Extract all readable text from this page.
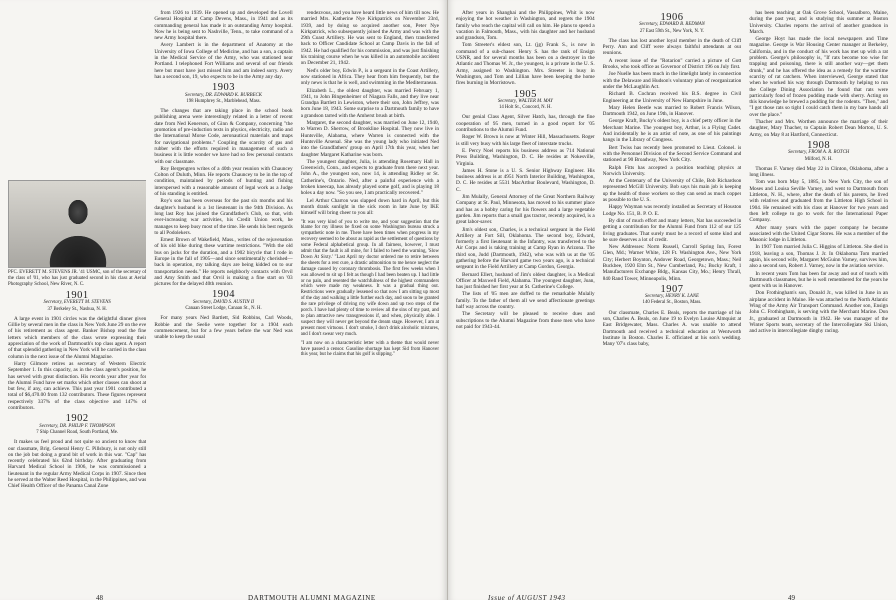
PFC. EVERETT M. STEVENS JR. '41 USMC, son of the secretary of the class of '01, who has just graduated second in his class at Aerial Photography School, New River, N. C.
1901
Secretary, EVERETT M. STEVENS
37 Berkeley St., Nashua, N. H.

A large event in 1901 circles was the delightful dinner given Gillie by several men in the class in New York June 29 on the eve of his retirement as class agent. Banker Bishop read the fine letters which members of the class wrote expressing their appreciation of the work of Dartmouth's top class agent. A report of that splendid gathering in New York will be carried in the class column in the next issue of the Alumni Magazine.

Harry Gilmore retires as secretary of Western Electric September 1. In this capacity, as in the class agent's position, he has served with great distinction. His records year after year for the Alumni Fund have set marks which other classes can shoot at but few, if any, can achieve. This past year 1901 contributed a total of $6,470.00 from 132 contributors. These figures represent respectively 337% of the class objective and 147% of contributors.

1902
Secretary, DR. PHILIP F. THOMPSON
7 Ship Channel Road, South Portland, Me.

It makes us feel proud and not quite so ancient to know that our classmate, Brig. General Henry C. Pillsbury, is not only still on the job but doing a grand bit of work in this war. "Cap" has recently celebrated his 62nd birthday. After graduating from Harvard Medical School in 1906, he was commissioned a lieutenant in the regular Army Medical Corps in 1907. Since then he served at the Walter Reed Hospital, in the Philippines, and was Chief Health Officer of the Panama Canal Zone

from 1926 to 1939. He opened up and developed the Lovell General Hospital at Camp Devens, Mass., in 1941 and as its commanding general has made it an outstanding Army hospital. Now he is being sent to Nashville, Tenn., to take command of a new Army hospital there.

Avery Lambert is in the department of Anatomy at the University of Iowa College of Medicine, and has a son, a captain in the Medical Service of the Army, who was stationed near Portland. I telephoned Fort Williams and several of our friends here but must have just missed him and am indeed sorry. Avery has a second son, 19, who expects to be in the Army any day.

1903
Secretary, DR. EDWARD K. BURBECK
198 Humphrey St., Marblehead, Mass.

The changes that are taking place in the school book publishing arena were interestingly related in a letter of recent date from Ned Kenerson, of Ginn & Company, concerning "the promotion of pre-induction texts in physics, electricity, radio and the International Morse Code, aeronautical materials and maps for navigational problems." Coupling the scarcity of gas and rubber with the efforts required in management of such a business it is little wonder we have had so few personal contacts with our classmate.

Roy Bergengren writes of a 40th year reunion with Chauncey Colton of Duluth, Minn. He reports Chauncey to be in the top of condition, maintained by periods of hunting and fishing interspersed with a reasonable amount of legal work as a Judge of his standing is entitled.

Roy's son has been overseas for the past six months and his daughter's husband is a 1st lieutenant in the 94th Division. As long last Roy has joined the Grandfather's Club, so that, with ever-increasing war activities, his Credit Union work, he manages to keep busy most of the time. He sends his best regards to all Podolekers.

Ernest Brown of Wakefield, Mass., writes of the rejuvenation of his old bike during these wartime restrictions. "With the old bus on jacks for the duration, and a 1902 bicycle that I rode in Europe in the fall of 1905—and since sentimentally cherished—back in operation, my talking days are being kidded on to our transportation needs." He reports neighborly contacts with Orvil and Amy Smith and that Orvil is making a fine start on '03 pictures for the delayed 40th reunion.

1904
Secretary, DAVID S. AUSTIN II
Canaan Street Lodge, Canaan St., N. H.

For many years Ned Bartlett, Sid Robbins, Carl Woods, Robbie and the Seelie were together for a 1904 each commencement, but for a few years before the war Ned was unable to keep the usual

rendezvous, and you have heard little news of him till now. He married Mrs. Katherine Nye Kirkpatrick on November 23rd, 1939, and by doing so acquired another son, Peter Nye Kirkpatrick, who subsequently joined the Army and was with the 29th Coast Artillery. He was sent to England, then transferred back to Officer Candidate School at Camp Davis in the fall of 1942. He had qualified for his commission, and was just finishing his training course when he was killed in an automobile accident on December 21, 1942.

Ned's older boy, Edwin P., is a sergeant in the Coast Artillery, now stationed in Africa. They hear from him frequently, but the only news is that he is well, and swimming in the Mediterranean.

Elizabeth L., the oldest daughter, was married February 1, 1941, to John Bingenheimer of Niagara Falls, and they live near Grandpa Bartlett in Lewiston, where their son, John Jeffrey, was born June 18, 1943. Some surprise to a Dartmouth family to have a grandson tarred with the Amherst brush at birth.

Margaret, the second daughter, was married on June 12, 1940, to Warren D. Sherrow, of Brookline Hospital. They now live in Huntsville, Alabama, where Warren is connected with the Huntsville Arsenal. She was the young lady who initiated Ned into the Grandfathers' group on April 17th this year, when her daughter Margaret Katharine was born.

The youngest daughter, Julia, is attending Rosemary Hall in Greenwich, Conn., and expects to graduate from there next year. John A., the youngest son, now 14, is attending Ridley or St. Catherine's, Ontario. Ned, after a painful experience with a broken kneecap, has already played some golf, and is playing 18 holes a day now. "So you see, I am practically recovered."

Lel Arthur Charron was slapped down hard in April, but this month drank sunlight in the sick room in late June by IKE himself will bring cheer to you all:

"It was very kind of you to write me, and your suggestion that the blame for my illness be fixed on some Washington bureau struck a sympathetic note in me. There have been times when progress in my recovery seemed to be about as rapid as the settlement of questions by some Federal alphabetical group. In all fairness, however, I must admit that the fault is all mine, for I failed to heed the warning, 'Slow Down At Sixty.' "Last April my doctor ordered me to retire between the sheets for a rest cure, a drastic admonition to me hence neglect the damage caused by coronary thrombosis. The first few weeks when I was allowed to sit up I felt as though I had been beaten up. I had little or no pain, and resented the watchfulness of the highest commanders which were made my weakness. It was a gradual thing out. Restrictions were gradually lessened so that now I am sitting up most of the day and walking a little further each day, and soon to be granted the rare privilege of driving my wife down and up two steps of the porch. I have had plenty of time to review all the sins of my past, and to plan attractive new transgressions if, and when, physically able. I suspect they will never get beyond the dream stage. However, I am at present most virtuous. I don't smoke, I don't drink alcoholic mixtures, and I don't swear very much.
"I am now on a characteristic letter with a theme that would never have passed a censor. Gasoline shortage has kept Sid from Hanover this year, but he claims that his golf is slipping."
48	DARTMOUTH ALUMNI MAGAZINE

After years in Shanghai and the Philippines, Whit is now enjoying the hot weather in Washington, and regrets the 1904 family who reach the capital will call on him. He plans to spend a vacation in Falmouth, Mass., with his daughter and her husband and grandson, Tom.

Tom Streeter's eldest son, Lt. (jg) Frank S., is now in command of a sub-chaser. Henry S. has the rank of Ensign USNR, and for several months has been on a destroyer in the Atlantic and Thomas W. Jr., the youngest, is a private in the U. S. Army, assigned to Washington. Mrs. Streeter is busy in Washington, and Tom and Lillian have been keeping the home fires burning in Morristown.

1905
Secretary, WALTER M. MAY
14 Holt St., Concord, N. H.

Our genial Class Agent, Silver Hatch, has, through the fine cooperation of 95 men, turned in a good report for '05 contributions to the Alumni Fund.

Roger W. Brown is now at Winter Hill, Massachusetts. Roger is still very busy with his large fleet of interstate trucks.

E. Percy Noel reports his business address as 714 National Press Building, Washington, D. C. He resides at Nokesville, Virginia.

James H. Stone is a U. S. Senior Highway Engineer. His business address is at 4951 North Interior Building, Washington, D. C. He resides at 5531 MacArthur Boulevard, Washington, D. C.

Jim Mulally, General Attorney of the Great Northern Railway Company at St. Paul, Minnesota, has moved to his summer place and has as a hobby caring for his flowers and a large vegetable garden. Jim reports that a small gas tractor, recently acquired, is a great labor-saver.

Jim's oldest son, Charles, is a technical sergeant in the Field Artillery at Fort Sill, Oklahoma. The second boy, Edward, formerly a first lieutenant in the Infantry, was transferred to the Air Corps and is taking training at Camp Ryan in Arizona. The third son, Judd (Dartmouth, 1942), who was with us at the '05 gathering before the Harvard game two years ago, is a technical sergeant in the Field Artillery at Camp Gordon, Georgia.

Bernard Ellert, husband of Jim's oldest daughter, is a Medical Officer at Maxwell Field, Alabama. The youngest daughter, Joan, has just finished her first year at St. Catherine's College.

The lists of '05 men are doffed to the remarkable Mulally family. To the father of them all we send affectionate greetings half way across the country.

The Secretary will be pleased to receive dues and subscriptions to the Alumni Magazine from those men who have not paid for 1943-44.

1906
Secretary, EDWARD B. REDMAN
27 East 59th St., New York, N. Y.

The class has lost another loyal member in the death of Cliff Perry. Ann and Cliff were always faithful attendants at our reunions.

A recent issue of the "Rotarion" carried a picture of Gott Brooks, who took office as Governor of District 196 on July first.

Joe Nuelle has been much in the limelight lately in connection with the Delaware and Hudson's voluntary plan of reorganization under the McLaughlin Act.

Richard B. Cochran received his B.S. degree in Civil Engineering at the University of New Hampshire in June.

Mary Helen Beetle was married to Robert Francis Wilson, Dartmouth 1942, on June 19th, in Hanover.

George Kraft, Bucky's oldest boy, is a chief petty officer in the Merchant Marine. The youngest boy, Arthur, is a Flying Cadet. And incidentally he is an artist of note, as one of his paintings hangs in the Library of Congress.

Bert Twiss has recently been promoted to Lieut. Colonel. is with the Personnel Division of the Second Service Command and stationed at 90 Broadway, New York City.

Ralph Fitts has accepted a position teaching physics at Norwich University.

At the Centenary of the University of Chile, Bob Richardson represented McGill University. Bob says his main job is keeping up the health of those workers so they can send as much copper as possible to the U. S.

Happy Wayman was recently installed as Secretary of Houston Lodge No. 151, B. P. O. E.

By dint of much effort and many letters, Nat has succeeded in getting a contribution for the Alumni Fund from 112 of our 125 living graduates. That surely must be a record of some kind and he sure deserves a lot of credit.

New Addresses: Norm Russell, Carroll Spring Inn, Forest Glen, Md.; Warner White, 128 Ft. Washington Ave., New York City; Herbert Boynton, Andover Road, Georgetown, Mass.; Neil Buckbee, 1920 Elm St., New Cumberland, Pa.; Bucky Kraft, 1 Manufacturers Exchange Bldg., Kansas City, Mo.; Henry Thrall, 840 Rand Tower, Minneapolis, Minn.

1907
Secretary, HENRY K. LANE
140 Federal St., Boston, Mass.

Our classmate, Charles E. Beals, reports the marriage of his son, Charles A. Beals, on June 19 to Evelyn Louise Almquist at East Bridgewater, Mass. Charles A. was unable to attend Dartmouth and received a technical education at Wentworth Institute in Boston. Charles E. officiated at his son's wedding. Many '07's class baby,

has been teaching at Oak Grove School, Vassalboro, Maine, during the past year, and is studying this summer at Boston University. Charles reports the arrival of another grandson in March.

George Hoyt has made the local newspapers and Time magazine. George is War Housing Center manager at Berkeley, California, and in the conduct of his work has met up with a rat problem. George's philosophy is, "If rats become too wise for trapping and poisoning, there is still another way—get them drunk," and he has offered the idea as a remedy for the wartime scarcity of rat catchers. When interviewed, George stated that when he worked his way through Dartmouth by helping to run the College Dining Association he found that rats were particularly fond of frozen pudding made with sherry. Acting on this knowledge he brewed a pudding for the rodents. "Then," and "I got those rats so tight I could catch them in my bare hands all over the place."

Thacher and Mrs. Worthen announce the marriage of their daughter, Mary Thacher, to Captain Robert Dean Morton, U. S. Army, on May 8 at Hartford, Connecticut.

1908
Secretary, FROM A. R. ROTCH
Milford, N. H.

Thomas F. Varney died May 22 in Clinton, Oklahoma, after a long illness.

Tom was born May 5, 1885, in New York City, the son of Moses and Louisa Seville Varney, and went to Dartmouth from Littleton, N. H., where, after the death of his parents, he lived with relatives and graduated from the Littleton High School in 1904. He remained with his class at Hanover for two years and then left college to go to work for the International Paper Company.

After many years with the paper company he became associated with the United Cigar Stores. He was a member of the Masonic lodge in Littleton.

In 1907 Tom married Julia C. Higgins of Littleton. She died in 1918, leaving a son, Thomas J. Jr. In Oklahoma Tom married again, his second wife, Margaret McGuinn Varney, survives him, also a second son, Robert J. Varney, now in the aviation service.

In recent years Tom has been far away and out of touch with Dartmouth classmates, but he is well remembered for the years he spent with us in Hanover.

Don Frothingham's son, Donald Jr., was killed in June in an airplane accident in Maine. He was attached to the North Atlantic Wing of the Army Air Transport Command. Another son, Ensign John C. Frothingham, is serving with the Merchant Marine. Don Jr., graduated at Dartmouth in 1942. He was manager of the Winter Sports team, secretary of the Intercollegiate Ski Union, and active in intercollegiate dinghy racing.

Issue of AUGUST 1943	49
